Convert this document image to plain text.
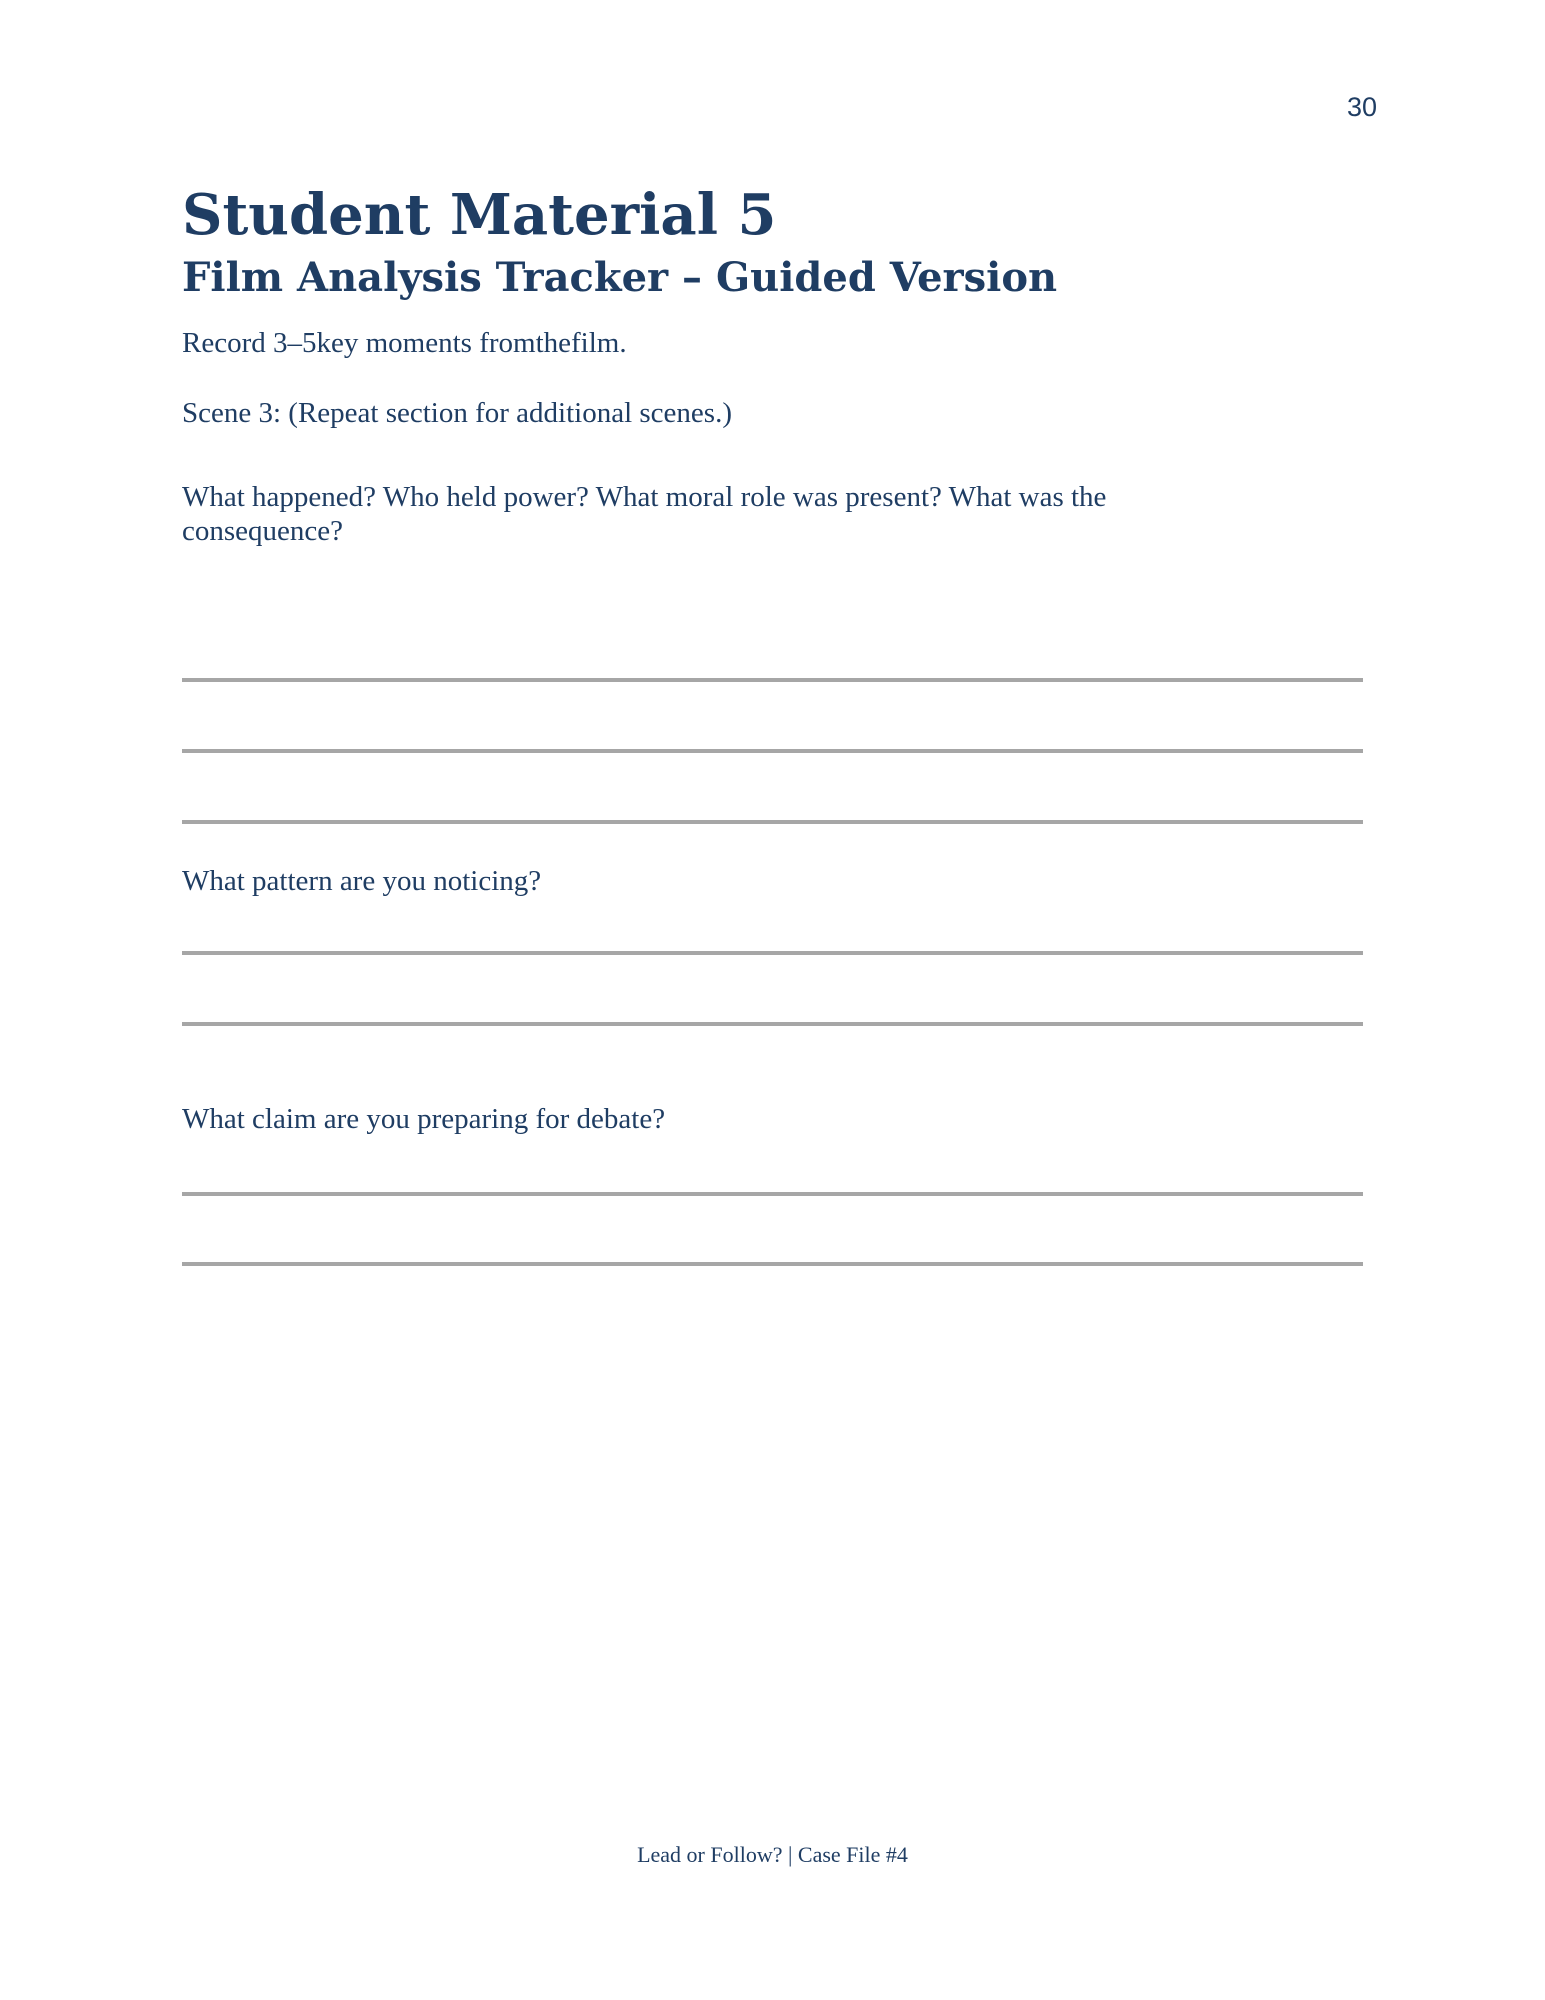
30
Student Material 5
Film Analysis Tracker – Guided Version

Record 3–5key moments fromthefilm.

Scene 3: (Repeat section for additional scenes.)

What happened? Who held power? What moral role was present? What was the consequence?

What pattern are you noticing?

What claim are you preparing for debate?

Lead or Follow? | Case File #4
